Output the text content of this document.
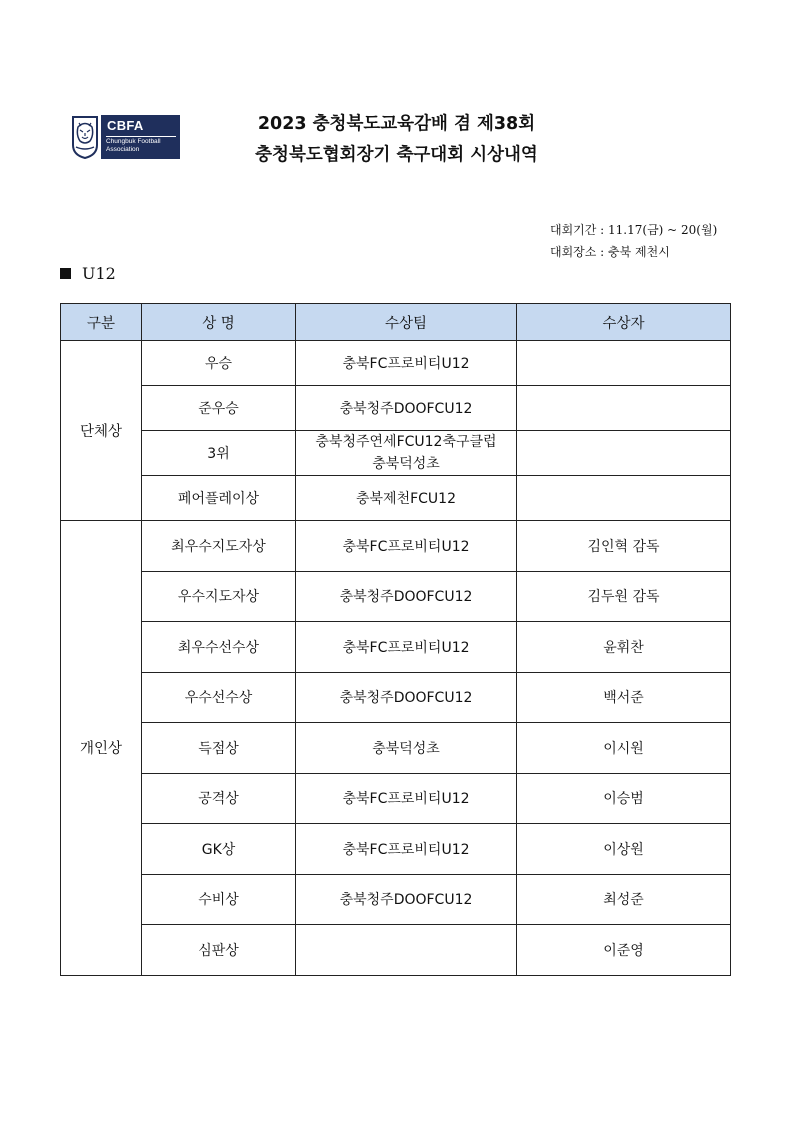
CBFA
Chungbuk Football
Association
2023 충청북도교육감배 겸 제38회
충청북도협회장기 축구대회 시상내역
대회기간 : 11.17(금) ~ 20(월)
대회장소 : 충북 제천시
U12
구분	상 명	수상팀	수상자
단체상	우승	충북FC프로비티U12	
	준우승	충북청주DOOFCU12	
	3위	충북청주연세FCU12축구클럽
충북덕성초	

	페어플레이상	충북제천FCU12	
개인상	최우수지도자상	충북FC프로비티U12	김인혁 감독
	우수지도자상	충북청주DOOFCU12	김두원 감독
	최우수선수상	충북FC프로비티U12	윤휘찬
	우수선수상	충북청주DOOFCU12	백서준
	득점상	충북덕성초	이시원
	공격상	충북FC프로비티U12	이승범
	GK상	충북FC프로비티U12	이상원
	수비상	충북청주DOOFCU12	최성준
	심판상		이준영
